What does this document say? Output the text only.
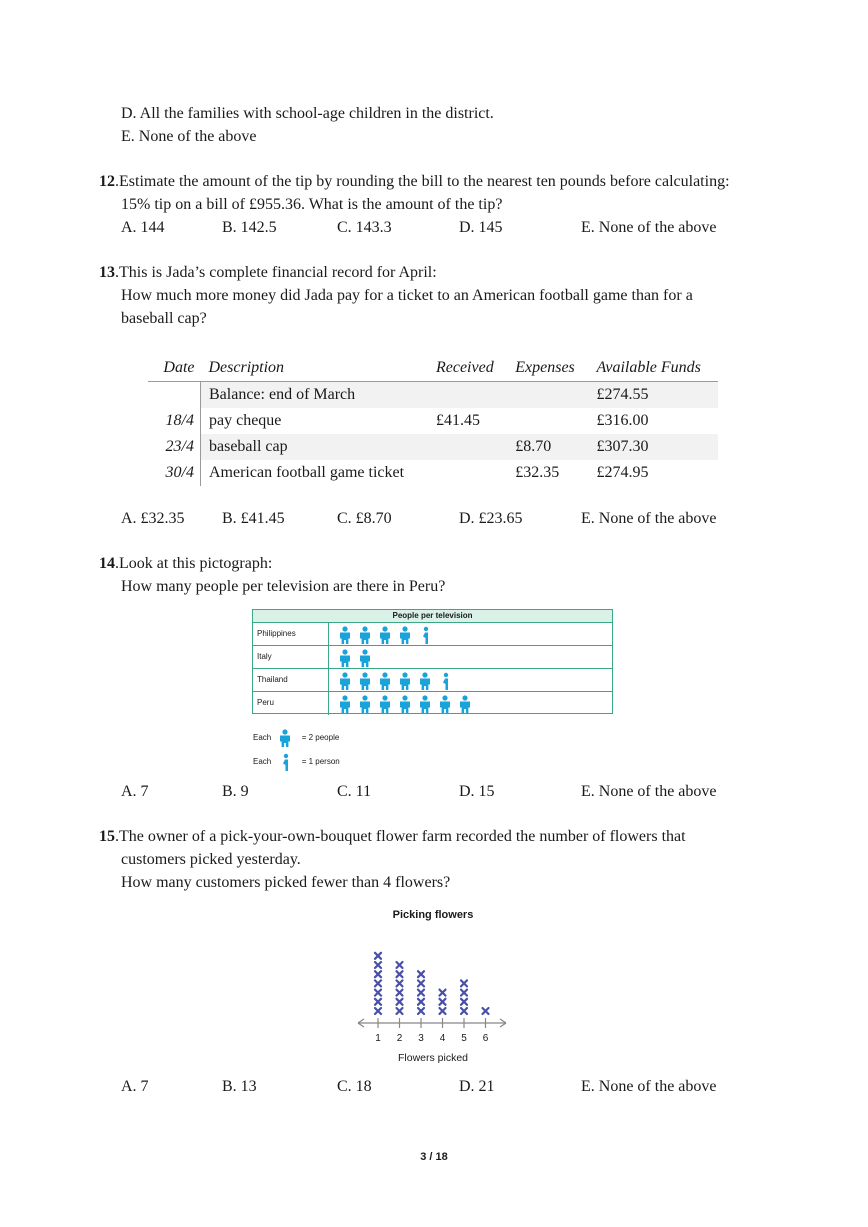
D. All the families with school-age children in the district.
E. None of the above
12.Estimate the amount of the tip by rounding the bill to the nearest ten pounds before calculating:
15% tip on a bill of £955.36. What is the amount of the tip?
A. 144	B. 142.5	C. 143.3	D. 145	E. None of the above
13.This is Jada’s complete financial record for April:
How much more money did Jada pay for a ticket to an American football game than for a
baseball cap?
Date	Description	Received	Expenses	Available Funds
	Balance: end of March			£274.55
18/4	pay cheque	£41.45		£316.00
23/4	baseball cap		£8.70	£307.30
30/4	American football game ticket		£32.35	£274.95
A. £32.35 B. £41.45	C. £8.70	D. £23.65	E. None of the above
14.Look at this pictograph:
How many people per television are there in Peru?
People per television
Philippines
Italy
Thailand
Peru
Each	= 2 people
Each	= 1 person
A. 7	B. 9	C. 11	D. 15	E. None of the above
15.The owner of a pick-your-own-bouquet flower farm recorded the number of flowers that
customers picked yesterday.
How many customers picked fewer than 4 flowers?
Picking flowers
1 2 3 4 5 6
Flowers picked
A. 7	B. 13	C. 18	D. 21	E. None of the above
3 / 18
